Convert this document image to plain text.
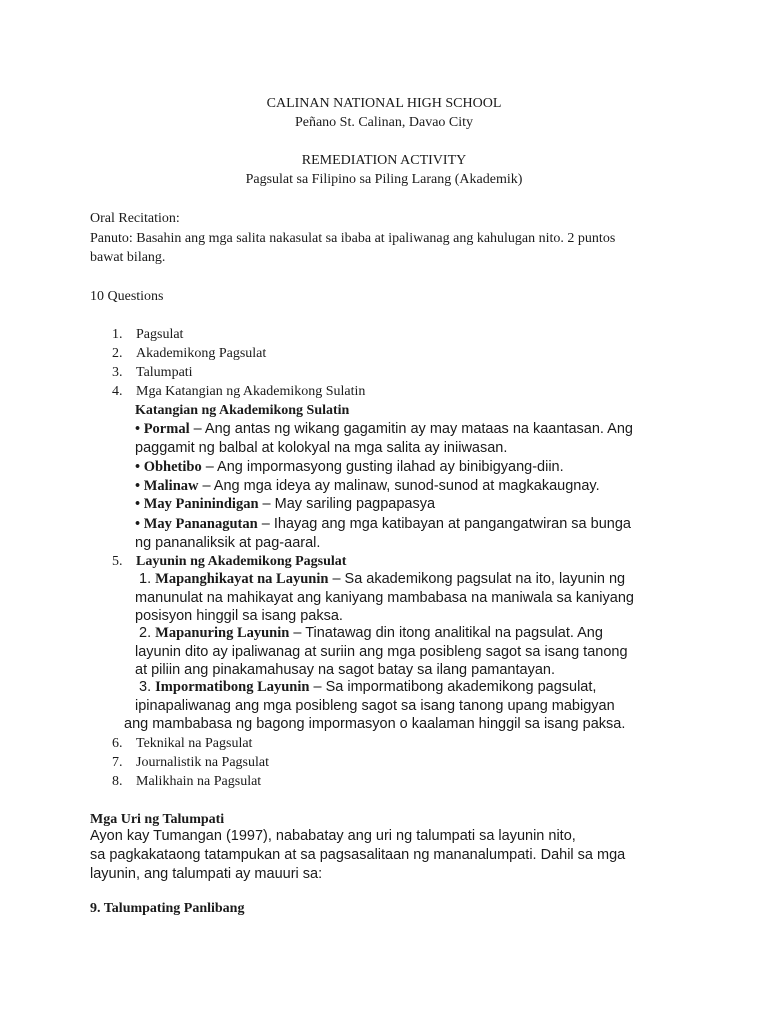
CALINAN NATIONAL HIGH SCHOOL
Peñano St. Calinan, Davao City
REMEDIATION ACTIVITY
Pagsulat sa Filipino sa Piling Larang (Akademik)
Oral Recitation:
Panuto: Basahin ang mga salita nakasulat sa ibaba at ipaliwanag ang kahulugan nito. 2 puntos
bawat bilang.
10 Questions
1. Pagsulat
2. Akademikong Pagsulat
3. Talumpati
4. Mga Katangian ng Akademikong Sulatin
Katangian ng Akademikong Sulatin
• Pormal – Ang antas ng wikang gagamitin ay may mataas na kaantasan. Ang
paggamit ng balbal at kolokyal na mga salita ay iniiwasan.
• Obhetibo – Ang impormasyong gusting ilahad ay binibigyang-diin.
• Malinaw – Ang mga ideya ay malinaw, sunod-sunod at magkakaugnay.
• May Paninindigan – May sariling pagpapasya
• May Pananagutan – Ihayag ang mga katibayan at pangangatwiran sa bunga
ng pananaliksik at pag-aaral.
5. Layunin ng Akademikong Pagsulat
1. Mapanghikayat na Layunin – Sa akademikong pagsulat na ito, layunin ng
manunulat na mahikayat ang kaniyang mambabasa na maniwala sa kaniyang
posisyon hinggil sa isang paksa.
2. Mapanuring Layunin – Tinatawag din itong analitikal na pagsulat. Ang
layunin dito ay ipaliwanag at suriin ang mga posibleng sagot sa isang tanong
at piliin ang pinakamahusay na sagot batay sa ilang pamantayan.
3. Impormatibong Layunin – Sa impormatibong akademikong pagsulat,
ipinapaliwanag ang mga posibleng sagot sa isang tanong upang mabigyan
ang mambabasa ng bagong impormasyon o kaalaman hinggil sa isang paksa.
6. Teknikal na Pagsulat
7. Journalistik na Pagsulat
8. Malikhain na Pagsulat
Mga Uri ng Talumpati
Ayon kay Tumangan (1997), nababatay ang uri ng talumpati sa layunin nito,
sa pagkakataong tatampukan at sa pagsasalitaan ng mananalumpati. Dahil sa mga
layunin, ang talumpati ay mauuri sa:
9. Talumpating Panlibang
